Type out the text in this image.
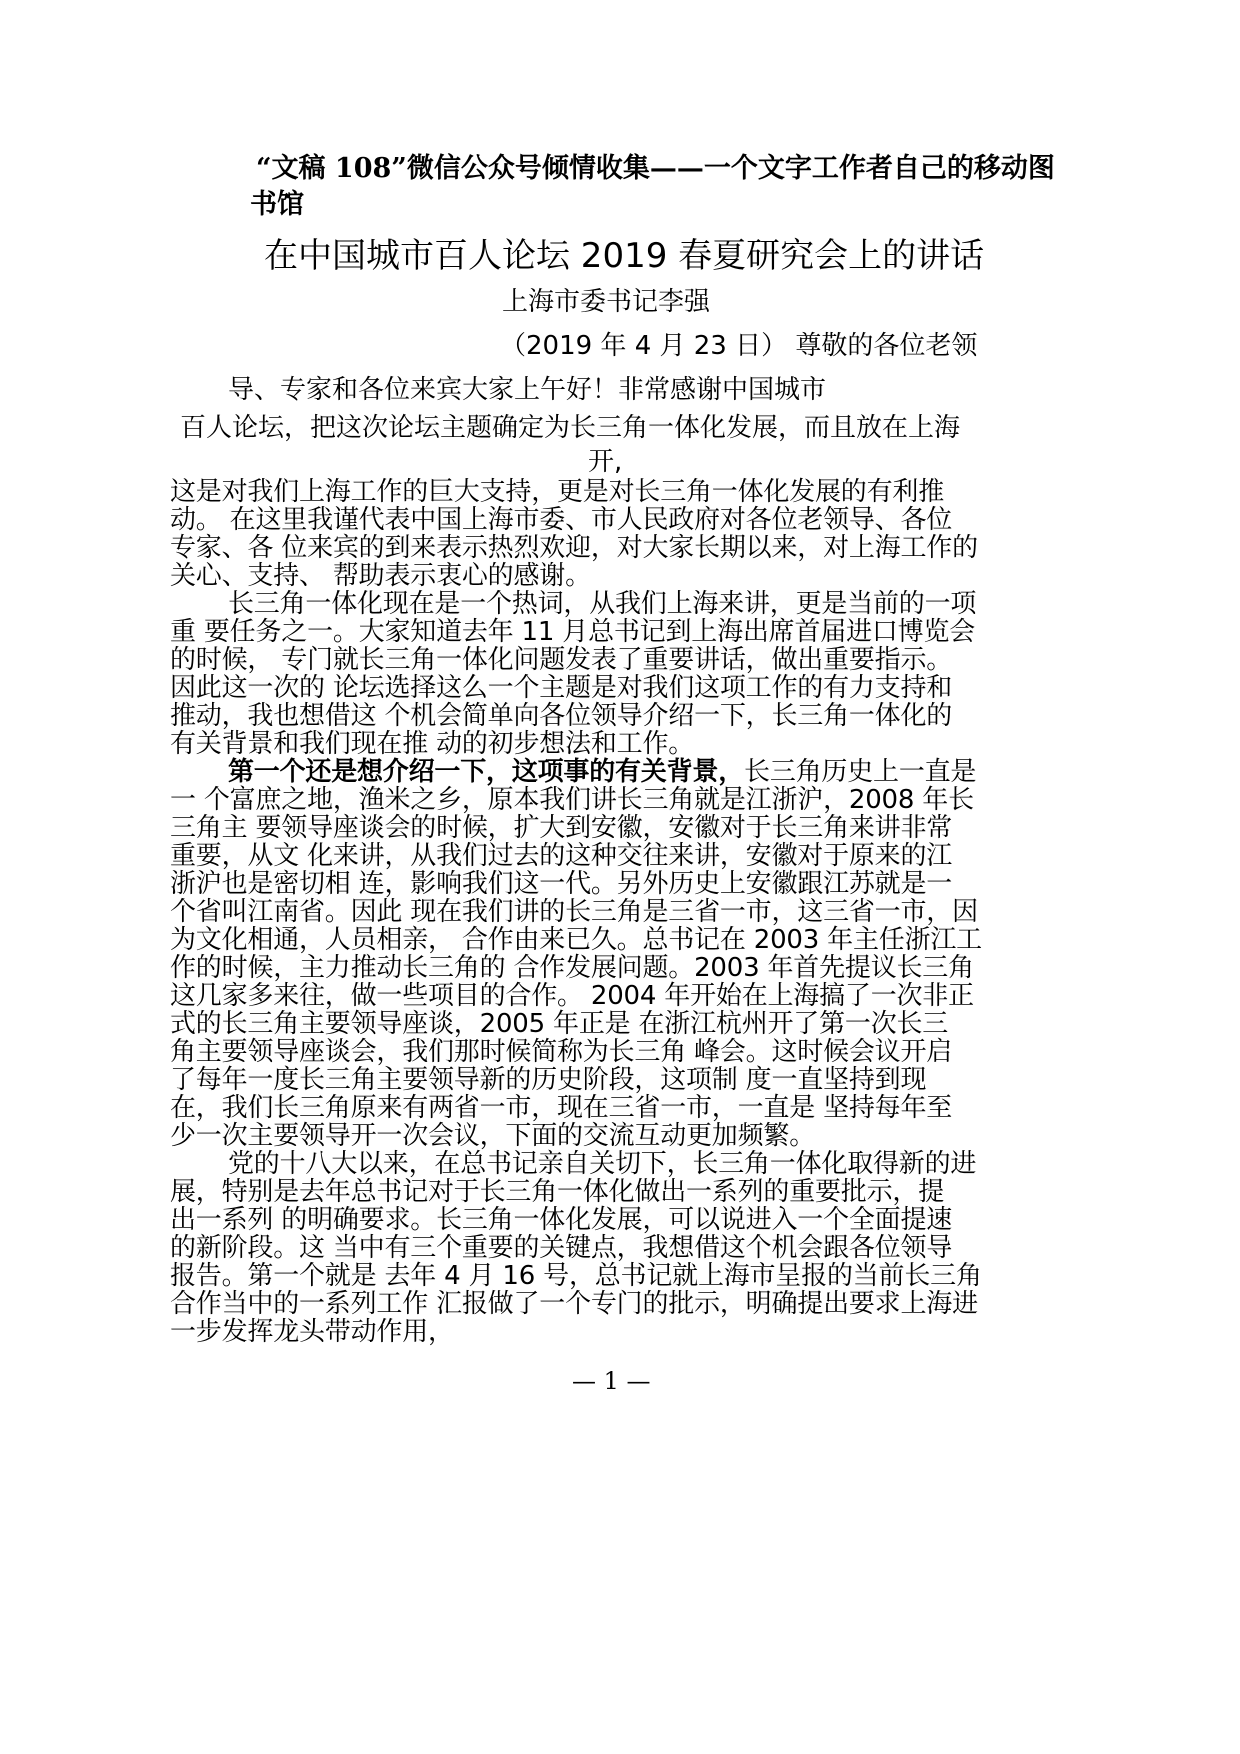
“文稿 108”微信公众号倾情收集——一个文字工作者自己的移动图
书馆
在中国城市百人论坛 2019 春夏研究会上的讲话
上海市委书记李强
（2019 年 4 月 23 日） 尊敬的各位老领
导、专家和各位来宾大家上午好！非常感谢中国城市
百人论坛，把这次论坛主题确定为长三角一体化发展，而且放在上海
开,
这是对我们上海工作的巨大支持，更是对长三角一体化发展的有利推
动。 在这里我谨代表中国上海市委、市人民政府对各位老领导、各位
专家、各 位来宾的到来表示热烈欢迎，对大家长期以来，对上海工作的
关心、支持、 帮助表示衷心的感谢。
长三角一体化现在是一个热词，从我们上海来讲，更是当前的一项
重 要任务之一。大家知道去年 11 月总书记到上海出席首届进口博览会
的时候， 专门就长三角一体化问题发表了重要讲话，做出重要指示。
因此这一次的 论坛选择这么一个主题是对我们这项工作的有力支持和
推动，我也想借这 个机会简单向各位领导介绍一下，长三角一体化的
有关背景和我们现在推 动的初步想法和工作。
第一个还是想介绍一下，这项事的有关背景，长三角历史上一直是
一 个富庶之地，渔米之乡，原本我们讲长三角就是江浙沪，2008 年长
三角主 要领导座谈会的时候，扩大到安徽，安徽对于长三角来讲非常
重要，从文 化来讲，从我们过去的这种交往来讲，安徽对于原来的江
浙沪也是密切相 连，影响我们这一代。另外历史上安徽跟江苏就是一
个省叫江南省。因此 现在我们讲的长三角是三省一市，这三省一市，因
为文化相通，人员相亲， 合作由来已久。总书记在 2003 年主任浙江工
作的时候，主力推动长三角的 合作发展问题。2003 年首先提议长三角
这几家多来往，做一些项目的合作。 2004 年开始在上海搞了一次非正
式的长三角主要领导座谈，2005 年正是 在浙江杭州开了第一次长三
角主要领导座谈会，我们那时候简称为长三角 峰会。这时候会议开启
了每年一度长三角主要领导新的历史阶段，这项制 度一直坚持到现
在，我们长三角原来有两省一市，现在三省一市，一直是 坚持每年至
少一次主要领导开一次会议，下面的交流互动更加频繁。
党的十八大以来，在总书记亲自关切下，长三角一体化取得新的进
展，特别是去年总书记对于长三角一体化做出一系列的重要批示，提
出一系列 的明确要求。长三角一体化发展，可以说进入一个全面提速
的新阶段。这 当中有三个重要的关键点，我想借这个机会跟各位领导
报告。第一个就是 去年 4 月 16 号，总书记就上海市呈报的当前长三角
合作当中的一系列工作 汇报做了一个专门的批示，明确提出要求上海进
一步发挥龙头带动作用，
— 1 —
